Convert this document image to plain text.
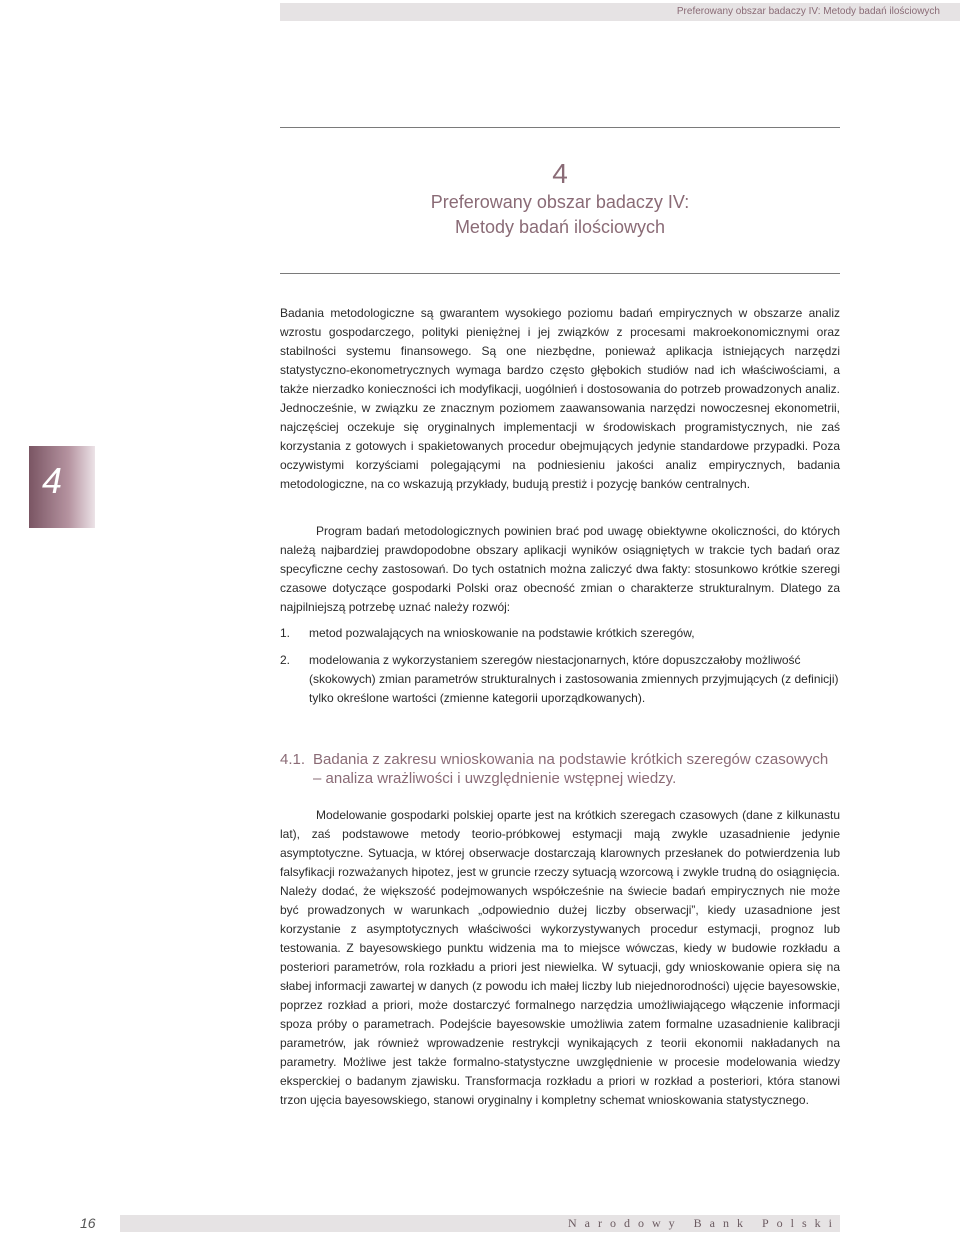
Preferowany obszar badaczy IV: Metody badań ilościowych
4
Preferowany obszar badaczy IV:
Metody badań ilościowych
4

Badania metodologiczne są gwarantem wysokiego poziomu badań empirycznych w obszarze analiz wzrostu gospodarczego, polityki pieniężnej i jej związków z procesami makroekonomicznymi oraz stabilności systemu finansowego. Są one niezbędne, ponieważ aplikacja istniejących narzędzi statystyczno-ekonometrycznych wymaga bardzo często głębokich studiów nad ich właściwościami, a także nierzadko konieczności ich modyfikacji, uogólnień i dostosowania do potrzeb prowadzonych analiz. Jednocześnie, w związku ze znacznym poziomem zaawansowania narzędzi nowoczesnej ekonometrii, najczęściej oczekuje się oryginalnych implementacji w środowiskach programistycznych, nie zaś korzystania z gotowych i spakietowanych procedur obejmujących jedynie standardowe przypadki. Poza oczywistymi korzyściami polegającymi na podniesieniu jakości analiz empirycznych, badania metodologiczne, na co wskazują przykłady, budują prestiż i pozycję banków centralnych.

Program badań metodologicznych powinien brać pod uwagę obiektywne okoliczności, do których należą najbardziej prawdopodobne obszary aplikacji wyników osiągniętych w trakcie tych badań oraz specyficzne cechy zastosowań. Do tych ostatnich można zaliczyć dwa fakty: stosunkowo krótkie szeregi czasowe dotyczące gospodarki Polski oraz obecność zmian o charakterze strukturalnym. Dlatego za najpilniejszą potrzebę uznać należy rozwój:

1. metod pozwalających na wnioskowanie na podstawie krótkich szeregów,
2. modelowania z wykorzystaniem szeregów niestacjonarnych, które dopuszczałoby możliwość (skokowych) zmian parametrów strukturalnych i zastosowania zmiennych przyjmujących (z definicji) tylko określone wartości (zmienne kategorii uporządkowanych).
4.1. Badania z zakresu wnioskowania na podstawie krótkich szeregów czasowych – analiza wrażliwości i uwzględnienie wstępnej wiedzy.

Modelowanie gospodarki polskiej oparte jest na krótkich szeregach czasowych (dane z kilkunastu lat), zaś podstawowe metody teorio-próbkowej estymacji mają zwykle uzasadnienie jedynie asymptotyczne. Sytuacja, w której obserwacje dostarczają klarownych przesłanek do potwierdzenia lub falsyfikacji rozważanych hipotez, jest w gruncie rzeczy sytuacją wzorcową i zwykle trudną do osiągnięcia. Należy dodać, że większość podejmowanych współcześnie na świecie badań empirycznych nie może być prowadzonych w warunkach „odpowiednio dużej liczby obserwacji”, kiedy uzasadnione jest korzystanie z asymptotycznych właściwości wykorzystywanych procedur estymacji, prognoz lub testowania. Z bayesowskiego punktu widzenia ma to miejsce wówczas, kiedy w budowie rozkładu a posteriori parametrów, rola rozkładu a priori jest niewielka. W sytuacji, gdy wnioskowanie opiera się na słabej informacji zawartej w danych (z powodu ich małej liczby lub niejednorodności) ujęcie bayesowskie, poprzez rozkład a priori, może dostarczyć formalnego narzędzia umożliwiającego włączenie informacji spoza próby o parametrach. Podejście bayesowskie umożliwia zatem formalne uzasadnienie kalibracji parametrów, jak również wprowadzenie restrykcji wynikających z teorii ekonomii nakładanych na parametry. Możliwe jest także formalno-statystyczne uwzględnienie w procesie modelowania wiedzy eksperckiej o badanym zjawisku. Transformacja rozkładu a priori w rozkład a posteriori, która stanowi trzon ujęcia bayesowskiego, stanowi oryginalny i kompletny schemat wnioskowania statystycznego.

16	Narodowy Bank Polski
